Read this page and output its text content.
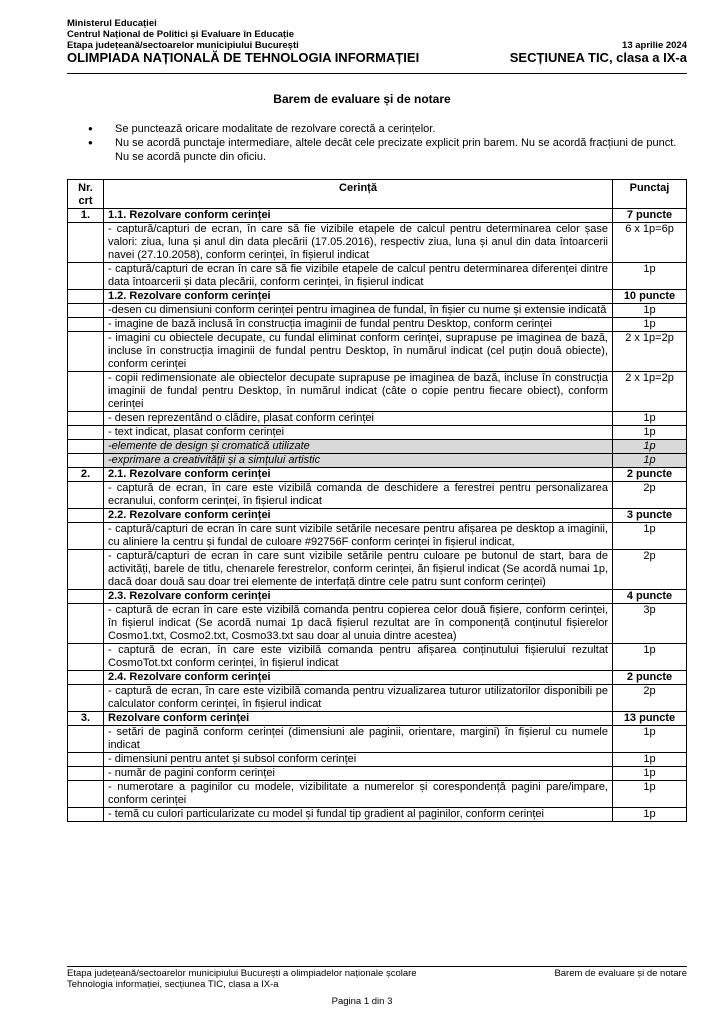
Ministerul Educației
Centrul Național de Politici și Evaluare în Educație
Etapa județeană/sectoarelor municipiului București	13 aprilie 2024
OLIMPIADA NAȚIONALĂ DE TEHNOLOGIA INFORMAȚIEI	SECȚIUNEA TIC, clasa a IX-a
Barem de evaluare și de notare
● Se punctează oricare modalitate de rezolvare corectă a cerințelor.
● Nu se acordă punctaje intermediare, altele decât cele precizate explicit prin barem. Nu se acordă fracțiuni de punct. Nu se acordă puncte din oficiu.
Nr. crt	Cerință	Punctaj
1.	1.1. Rezolvare conform cerinței	7 puncte
	- captură/capturi de ecran, în care să fie vizibile etapele de calcul pentru determinarea celor șase valori: ziua, luna și anul din data plecării (17.05.2016), respectiv ziua, luna și anul din data întoarcerii navei (27.10.2058), conform cerinței, în fișierul indicat	6 x 1p=6p
	- captură/capturi de ecran în care să fie vizibile etapele de calcul pentru determinarea diferenței dintre data întoarcerii și data plecării, conform cerinței, în fișierul indicat	1p
	1.2. Rezolvare conform cerinței	10 puncte
	-desen cu dimensiuni conform cerinței pentru imaginea de fundal, în fișier cu nume și extensie indicată	1p
	- imagine de bază inclusă în construcția imaginii de fundal pentru Desktop, conform cerinței	1p
	- imagini cu obiectele decupate, cu fundal eliminat conform cerinței, suprapuse pe imaginea de bază, incluse în construcția imaginii de fundal pentru Desktop, în numărul indicat (cel puțin două obiecte), conform cerinței	2 x 1p=2p
	- copii redimensionate ale obiectelor decupate suprapuse pe imaginea de bază, incluse în construcția imaginii de fundal pentru Desktop, în numărul indicat (câte o copie pentru fiecare obiect), conform cerinței	2 x 1p=2p
	- desen reprezentând o clădire, plasat conform cerinței	1p
	- text indicat, plasat conform cerinței	1p
	-elemente de design și cromatică utilizate	1p
	-exprimare a creativității și a simțului artistic	1p
2.	2.1. Rezolvare conform cerinței	2 puncte
	- captură de ecran, în care este vizibilă comanda de deschidere a ferestrei pentru personalizarea ecranului, conform cerinței, în fișierul indicat	2p
	2.2. Rezolvare conform cerinței	3 puncte
	- captură/capturi de ecran în care sunt vizibile setările necesare pentru afișarea pe desktop a imaginii, cu aliniere la centru și fundal de culoare #92756F conform cerinței în fișierul indicat,	1p
	- captură/capturi de ecran în care sunt vizibile setările pentru culoare pe butonul de start, bara de activități, barele de titlu, chenarele ferestrelor, conform cerinței, ăn fișierul indicat (Se acordă numai 1p, dacă doar două sau doar trei elemente de interfață dintre cele patru sunt conform cerinței)	2p
	2.3. Rezolvare conform cerinței	4 puncte
	- captură de ecran în care este vizibilă comanda pentru copierea celor două fișiere, conform cerinței, în fișierul indicat (Se acordă numai 1p dacă fișierul rezultat are în componență conținutul fișierelor Cosmo1.txt, Cosmo2.txt, Cosmo33.txt sau doar al unuia dintre acestea)	3p
	- captură de ecran, în care este vizibilă comanda pentru afișarea conținutului fișierului rezultat CosmoTot.txt conform cerinței, în fișierul indicat	1p
	2.4. Rezolvare conform cerinței	2 puncte
	- captură de ecran, în care este vizibilă comanda pentru vizualizarea tuturor utilizatorilor disponibili pe calculator conform cerinței, în fișierul indicat	2p
3.	Rezolvare conform cerinței	13 puncte
	- setări de pagină conform cerinței (dimensiuni ale paginii, orientare, margini) în fișierul cu numele indicat	1p
	- dimensiuni pentru antet și subsol conform cerinței	1p
	- număr de pagini conform cerinței	1p
	- numerotare a paginilor cu modele, vizibilitate a numerelor și corespondență pagini pare/impare, conform cerinței	1p
	- temă cu culori particularizate cu model și fundal tip gradient al paginilor, conform cerinței	1p
Etapa județeană/sectoarelor municipiului București a olimpiadelor naționale școlare	Barem de evaluare și de notare
Tehnologia informației, secțiunea TIC, clasa a IX-a
Pagina 1 din 3
